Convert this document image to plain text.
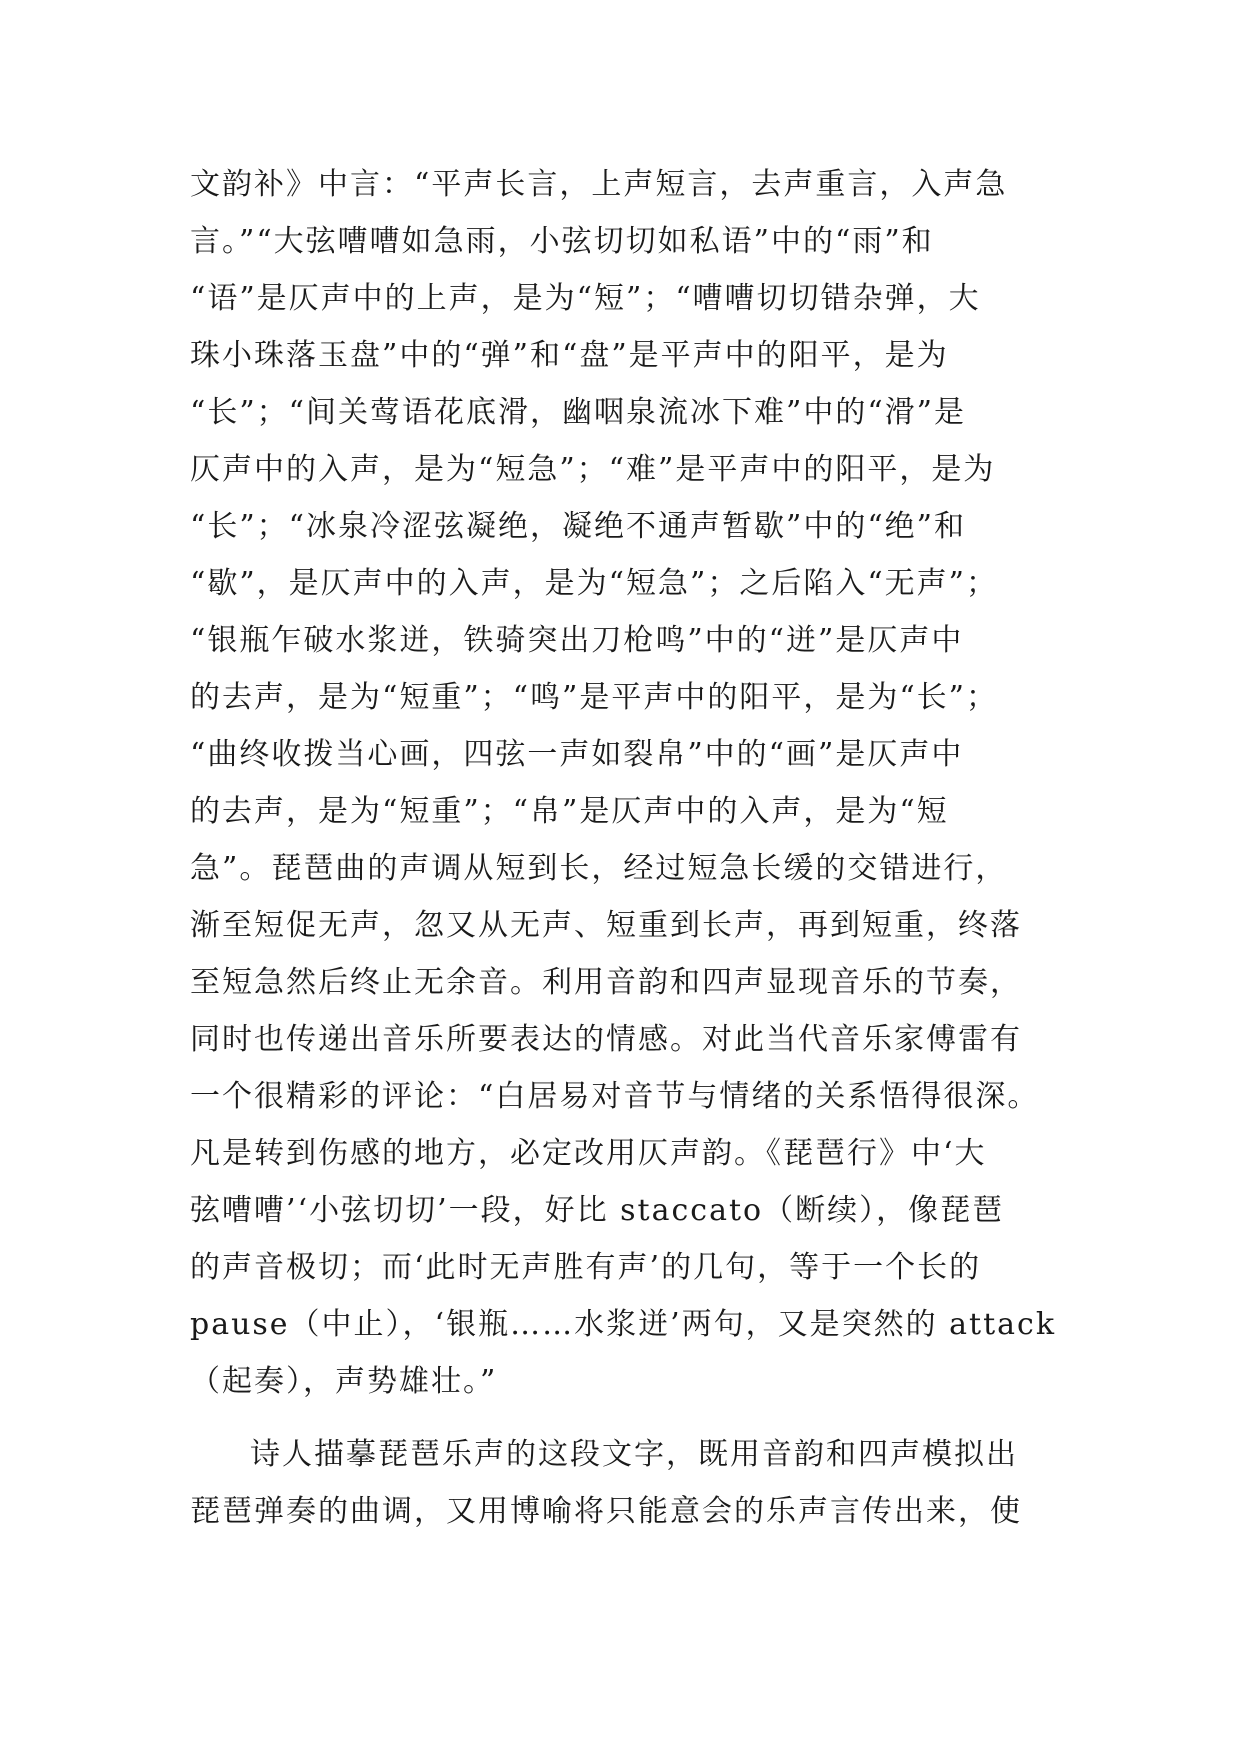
文韵补》中言：“平声长言，上声短言，去声重言，入声急
言。”“大弦嘈嘈如急雨，小弦切切如私语”中的“雨”和
“语”是仄声中的上声，是为“短”；“嘈嘈切切错杂弹，大
珠小珠落玉盘”中的“弹”和“盘”是平声中的阳平，是为
“长”；“间关莺语花底滑，幽咽泉流冰下难”中的“滑”是
仄声中的入声，是为“短急”；“难”是平声中的阳平，是为
“长”；“冰泉冷涩弦凝绝，凝绝不通声暂歇”中的“绝”和
“歇”，是仄声中的入声，是为“短急”；之后陷入“无声”；
“银瓶乍破水浆迸，铁骑突出刀枪鸣”中的“迸”是仄声中
的去声，是为“短重”；“鸣”是平声中的阳平，是为“长”；
“曲终收拨当心画，四弦一声如裂帛”中的“画”是仄声中
的去声，是为“短重”；“帛”是仄声中的入声，是为“短
急”。琵琶曲的声调从短到长，经过短急长缓的交错进行，
渐至短促无声，忽又从无声、短重到长声，再到短重，终落
至短急然后终止无余音。利用音韵和四声显现音乐的节奏，
同时也传递出音乐所要表达的情感。对此当代音乐家傅雷有
一个很精彩的评论：“白居易对音节与情绪的关系悟得很深。
凡是转到伤感的地方，必定改用仄声韵。《琵琶行》中‘大
弦嘈嘈’‘小弦切切’一段，好比 staccato（断续），像琵琶
的声音极切；而‘此时无声胜有声’的几句，等于一个长的
pause（中止），‘银瓶……水浆迸’两句，又是突然的 attack
（起奏），声势雄壮。”
诗人描摹琵琶乐声的这段文字，既用音韵和四声模拟出
琵琶弹奏的曲调，又用博喻将只能意会的乐声言传出来，使
